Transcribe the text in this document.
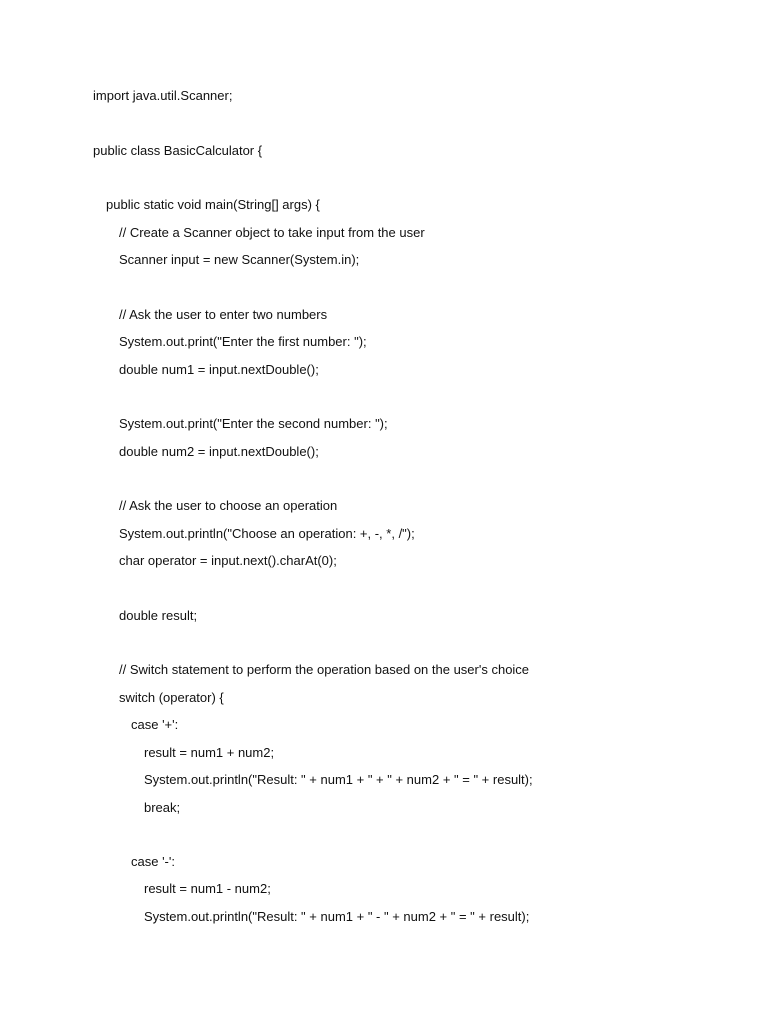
import java.util.Scanner;
public class BasicCalculator {
public static void main(String[] args) {
// Create a Scanner object to take input from the user
Scanner input = new Scanner(System.in);
// Ask the user to enter two numbers
System.out.print("Enter the first number: ");
double num1 = input.nextDouble();
System.out.print("Enter the second number: ");
double num2 = input.nextDouble();
// Ask the user to choose an operation
System.out.println("Choose an operation: +, -, *, /");
char operator = input.next().charAt(0);
double result;
// Switch statement to perform the operation based on the user's choice
switch (operator) {
case '+':
result = num1 + num2;
System.out.println("Result: " + num1 + " + " + num2 + " = " + result);
break;
case '-':
result = num1 - num2;
System.out.println("Result: " + num1 + " - " + num2 + " = " + result);
